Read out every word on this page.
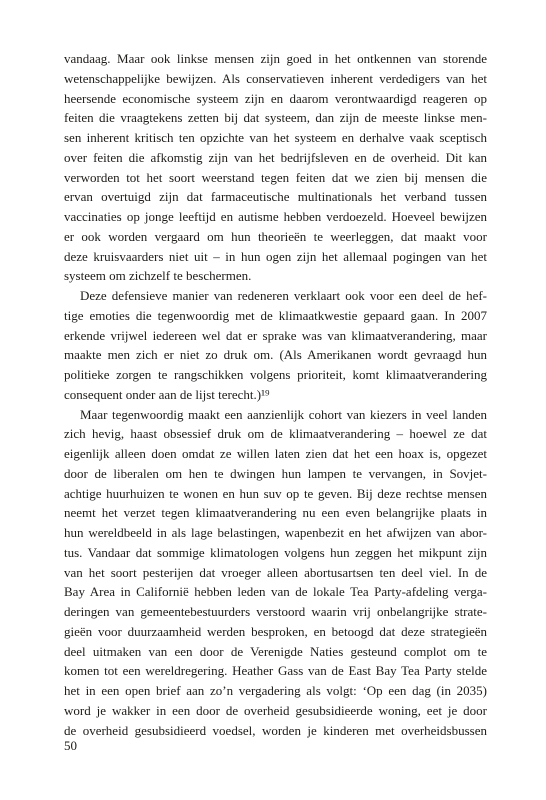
vandaag. Maar ook linkse mensen zijn goed in het ontkennen van storende
wetenschappelijke bewijzen. Als conservatieven inherent verdedigers van het
heersende economische systeem zijn en daarom verontwaardigd reageren op
feiten die vraagtekens zetten bij dat systeem, dan zijn de meeste linkse men-
sen inherent kritisch ten opzichte van het systeem en derhalve vaak sceptisch
over feiten die afkomstig zijn van het bedrijfsleven en de overheid. Dit kan
verworden tot het soort weerstand tegen feiten dat we zien bij mensen die
ervan overtuigd zijn dat farmaceutische multinationals het verband tussen
vaccinaties op jonge leeftijd en autisme hebben verdoezeld. Hoeveel bewijzen
er ook worden vergaard om hun theorieën te weerleggen, dat maakt voor
deze kruisvaarders niet uit – in hun ogen zijn het allemaal pogingen van het
systeem om zichzelf te beschermen.
Deze defensieve manier van redeneren verklaart ook voor een deel de hef-
tige emoties die tegenwoordig met de klimaatkwestie gepaard gaan. In 2007
erkende vrijwel iedereen wel dat er sprake was van klimaatverandering, maar
maakte men zich er niet zo druk om. (Als Amerikanen wordt gevraagd hun
politieke zorgen te rangschikken volgens prioriteit, komt klimaatverandering
consequent onder aan de lijst terecht.)¹⁹
Maar tegenwoordig maakt een aanzienlijk cohort van kiezers in veel landen
zich hevig, haast obsessief druk om de klimaatverandering – hoewel ze dat
eigenlijk alleen doen omdat ze willen laten zien dat het een hoax is, opgezet
door de liberalen om hen te dwingen hun lampen te vervangen, in Sovjet-
achtige huurhuizen te wonen en hun suv op te geven. Bij deze rechtse mensen
neemt het verzet tegen klimaatverandering nu een even belangrijke plaats in
hun wereldbeeld in als lage belastingen, wapenbezit en het afwijzen van abor-
tus. Vandaar dat sommige klimatologen volgens hun zeggen het mikpunt zijn
van het soort pesterijen dat vroeger alleen abortusartsen ten deel viel. In de
Bay Area in Californië hebben leden van de lokale Tea Party-afdeling verga-
deringen van gemeentebestuurders verstoord waarin vrij onbelangrijke strate-
gieën voor duurzaamheid werden besproken, en betoogd dat deze strategieën
deel uitmaken van een door de Verenigde Naties gesteund complot om te
komen tot een wereldregering. Heather Gass van de East Bay Tea Party stelde
het in een open brief aan zo’n vergadering als volgt: ‘Op een dag (in 2035)
word je wakker in een door de overheid gesubsidieerde woning, eet je door
de overheid gesubsidieerd voedsel, worden je kinderen met overheidsbussen
50
